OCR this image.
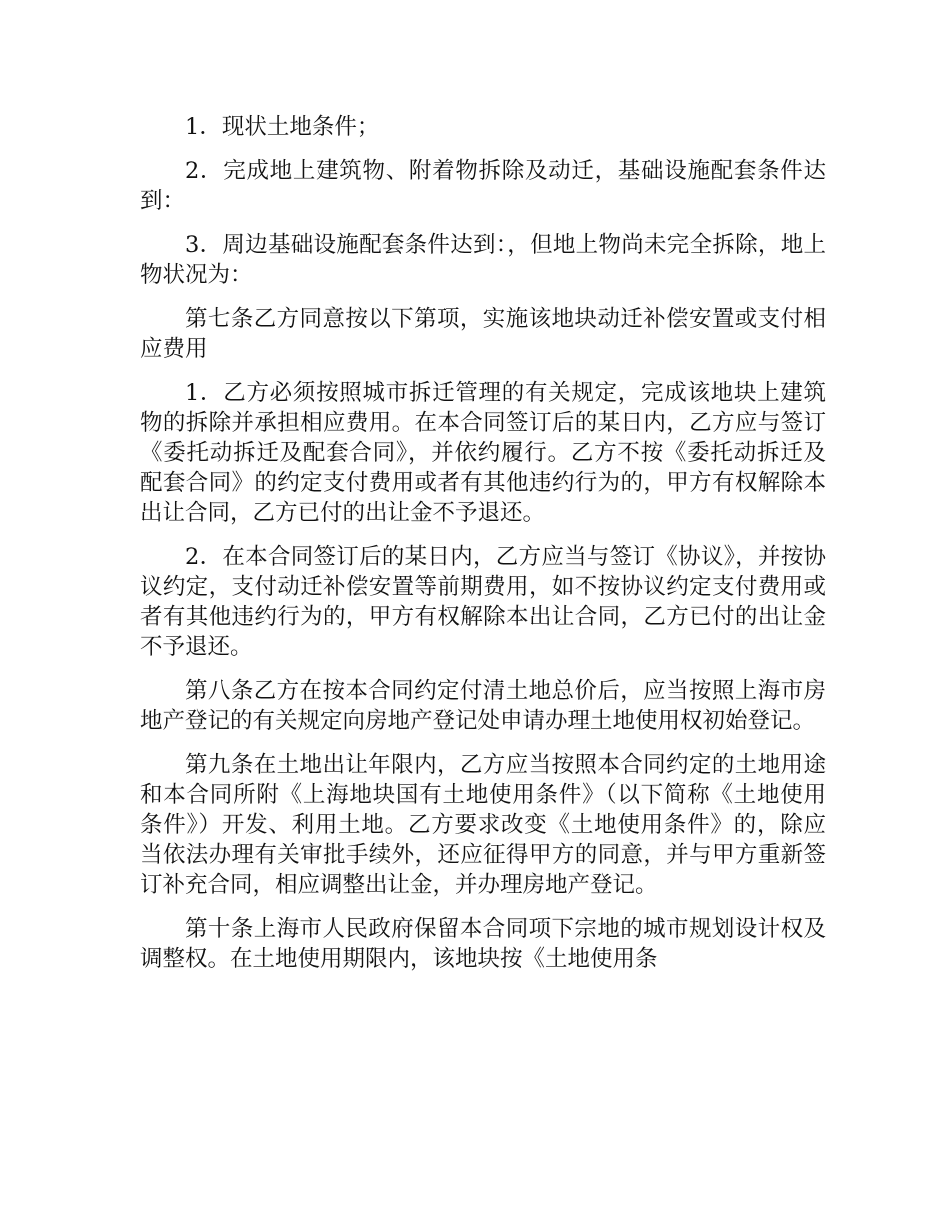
1．现状土地条件；

2．完成地上建筑物、附着物拆除及动迁，基础设施配套条件达到：

3．周边基础设施配套条件达到：，但地上物尚未完全拆除，地上物状况为：

第七条乙方同意按以下第项，实施该地块动迁补偿安置或支付相应费用

1．乙方必须按照城市拆迁管理的有关规定，完成该地块上建筑物的拆除并承担相应费用。在本合同签订后的某日内，乙方应与签订《委托动拆迁及配套合同》，并依约履行。乙方不按《委托动拆迁及配套合同》的约定支付费用或者有其他违约行为的，甲方有权解除本出让合同，乙方已付的出让金不予退还。

2．在本合同签订后的某日内，乙方应当与签订《协议》，并按协议约定，支付动迁补偿安置等前期费用，如不按协议约定支付费用或者有其他违约行为的，甲方有权解除本出让合同，乙方已付的出让金不予退还。

第八条乙方在按本合同约定付清土地总价后，应当按照上海市房地产登记的有关规定向房地产登记处申请办理土地使用权初始登记。

第九条在土地出让年限内，乙方应当按照本合同约定的土地用途和本合同所附《上海地块国有土地使用条件》（以下简称《土地使用条件》）开发、利用土地。乙方要求改变《土地使用条件》的，除应当依法办理有关审批手续外，还应征得甲方的同意，并与甲方重新签订补充合同，相应调整出让金，并办理房地产登记。

第十条上海市人民政府保留本合同项下宗地的城市规划设计权及调整权。在土地使用期限内，该地块按《土地使用条
